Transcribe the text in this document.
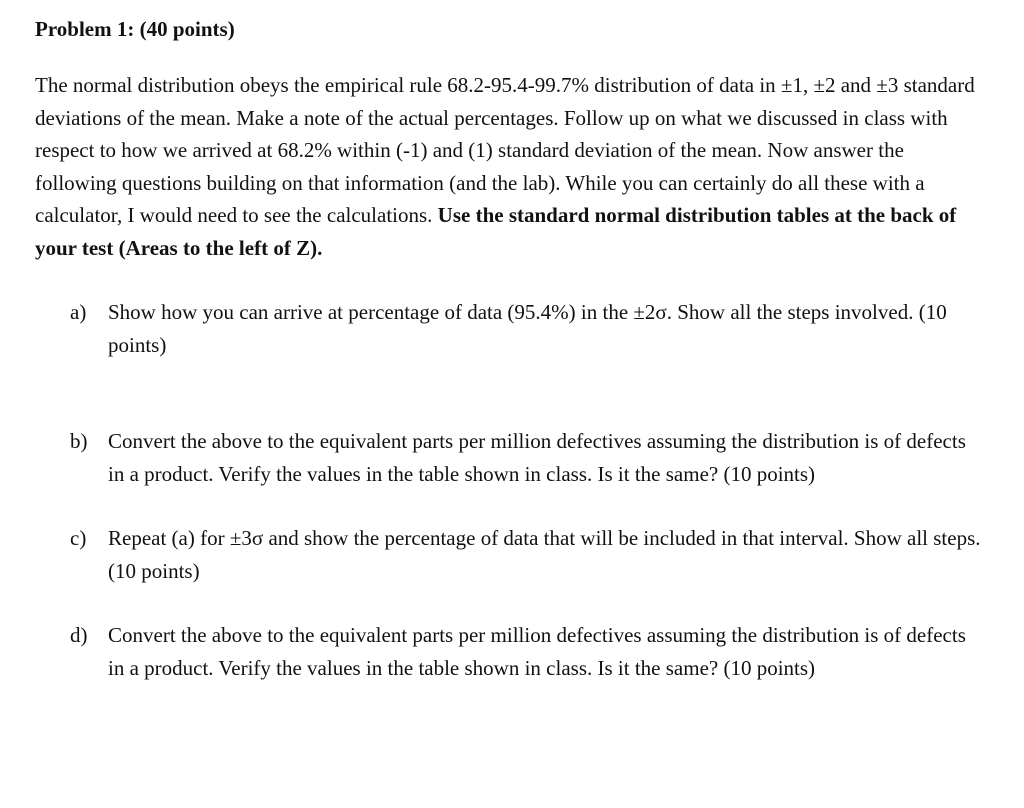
Problem 1: (40 points)

The normal distribution obeys the empirical rule 68.2-95.4-99.7% distribution of data in ±1, ±2 and ±3 standard deviations of the mean. Make a note of the actual percentages. Follow up on what we discussed in class with respect to how we arrived at 68.2% within (-1) and (1) standard deviation of the mean. Now answer the following questions building on that information (and the lab). While you can certainly do all these with a calculator, I would need to see the calculations. Use the standard normal distribution tables at the back of your test (Areas to the left of Z).

a) Show how you can arrive at percentage of data (95.4%) in the ±2σ. Show all the steps involved. (10 points)
b) Convert the above to the equivalent parts per million defectives assuming the distribution is of defects in a product. Verify the values in the table shown in class. Is it the same? (10 points)
c) Repeat (a) for ±3σ and show the percentage of data that will be included in that interval. Show all steps. (10 points)
d) Convert the above to the equivalent parts per million defectives assuming the distribution is of defects in a product. Verify the values in the table shown in class. Is it the same? (10 points)
